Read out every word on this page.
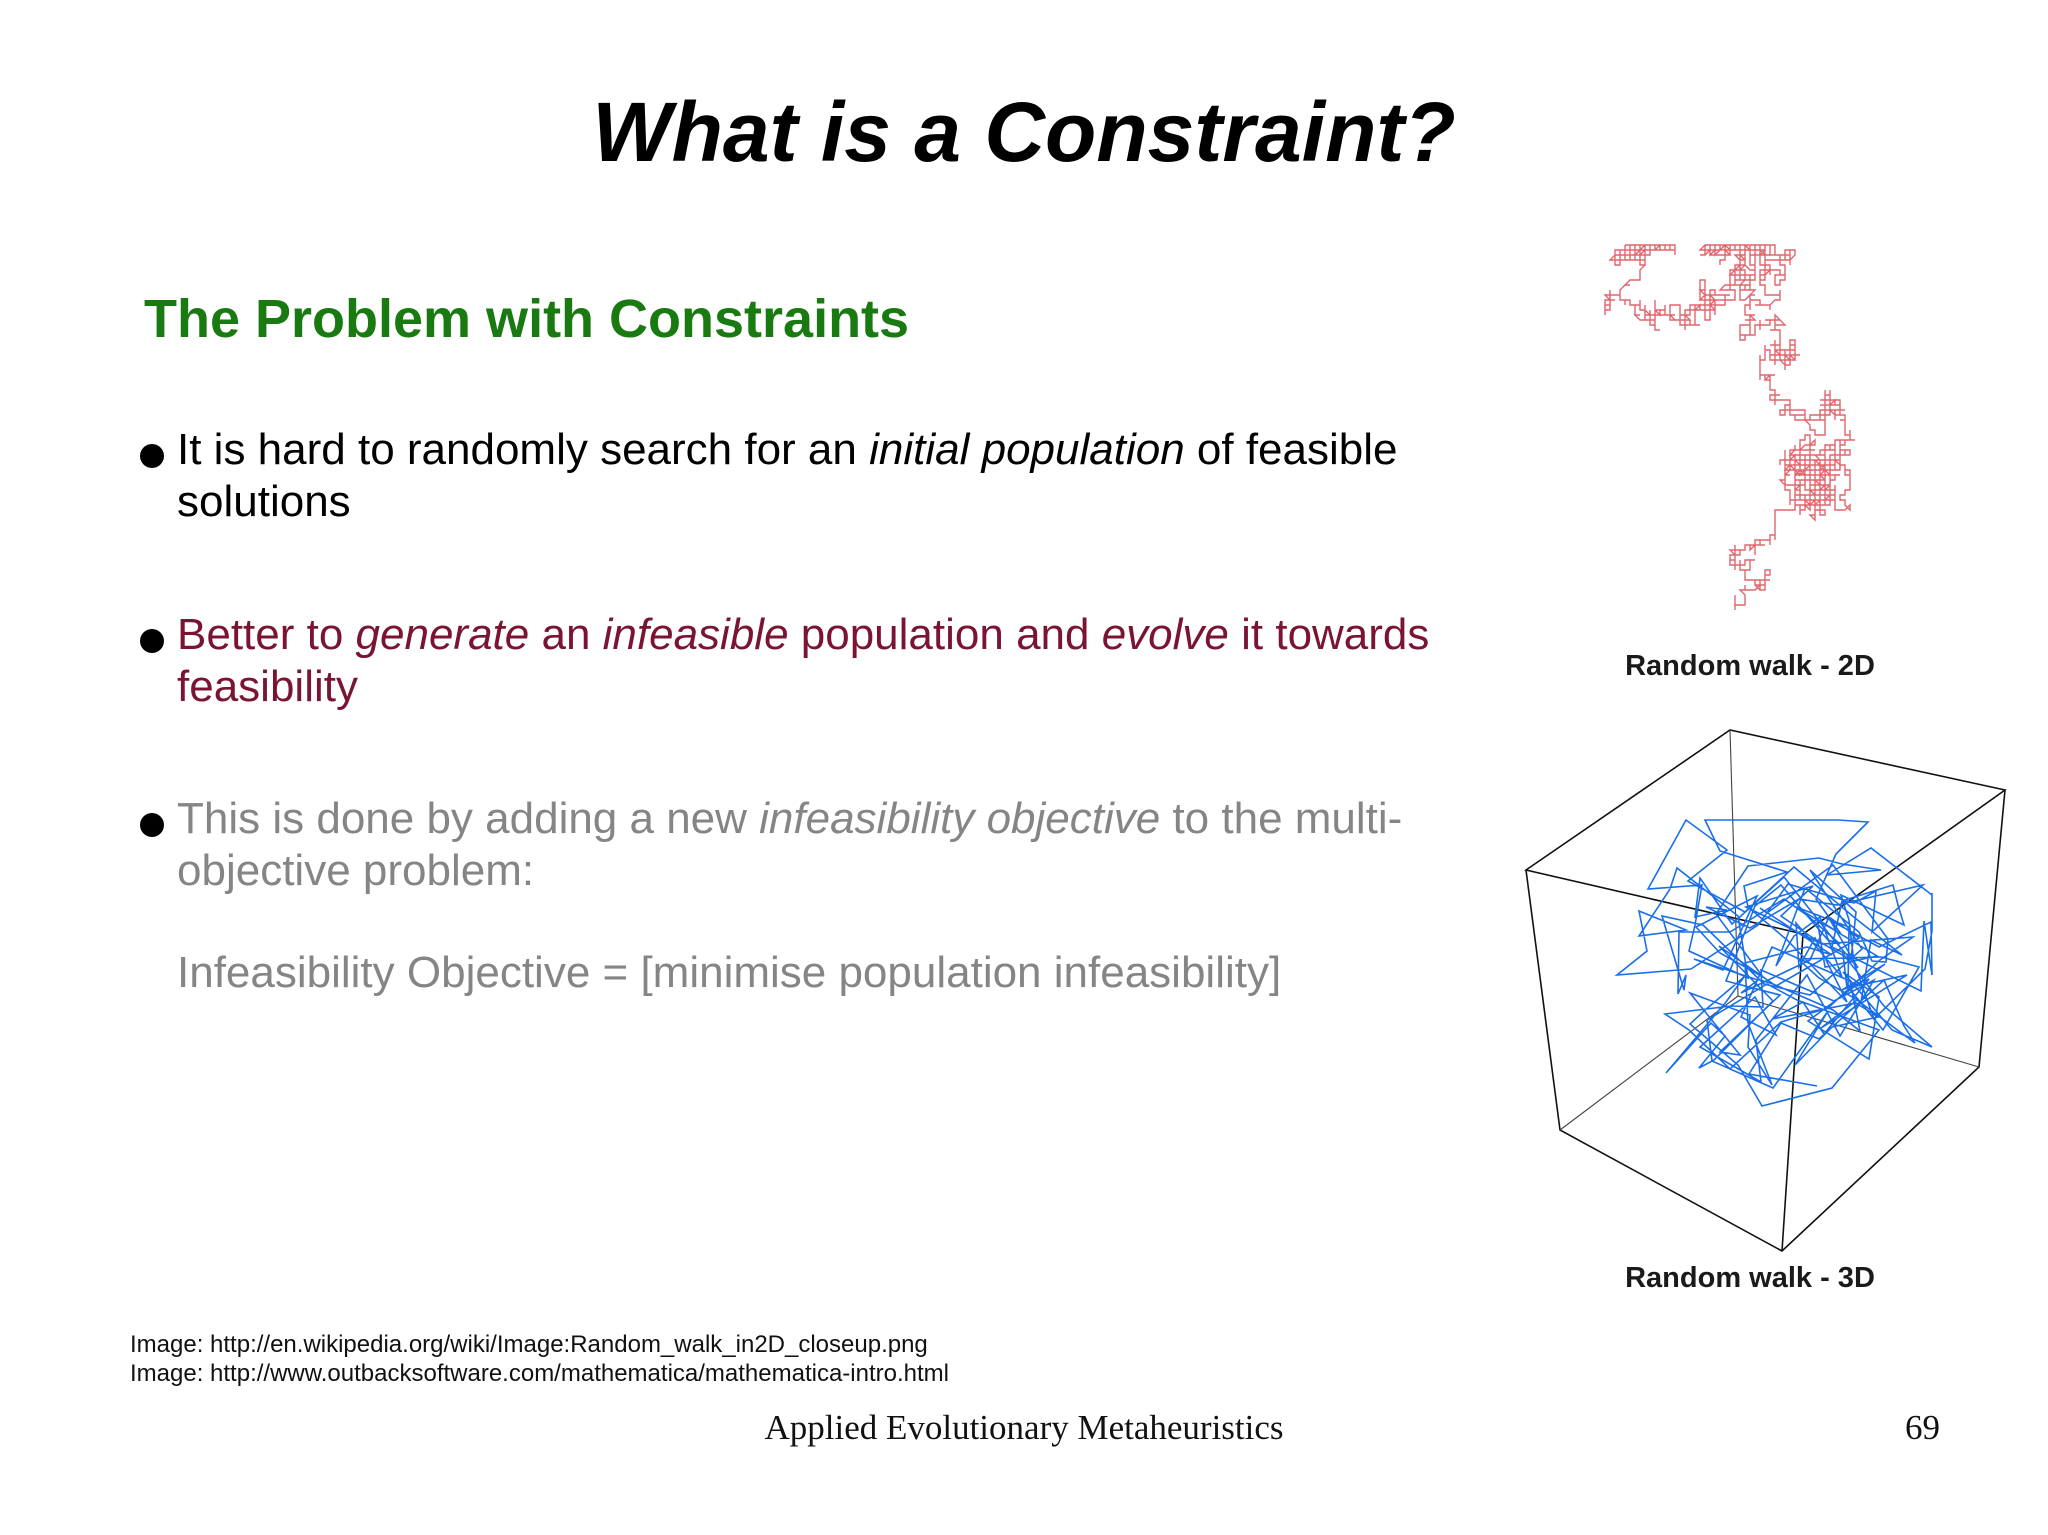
What is a Constraint?
The Problem with Constraints
It is hard to randomly search for an initial population of feasible solutions
Better to generate an infeasible population and evolve it towards feasibility
This is done by adding a new infeasibility objective to the multi-objective problem:
Infeasibility Objective = [minimise population infeasibility]
Random walk - 2D
Random walk - 3D
Image: http://en.wikipedia.org/wiki/Image:Random_walk_in2D_closeup.png
Image: http://www.outbacksoftware.com/mathematica/mathematica-intro.html
Applied Evolutionary Metaheuristics	69
